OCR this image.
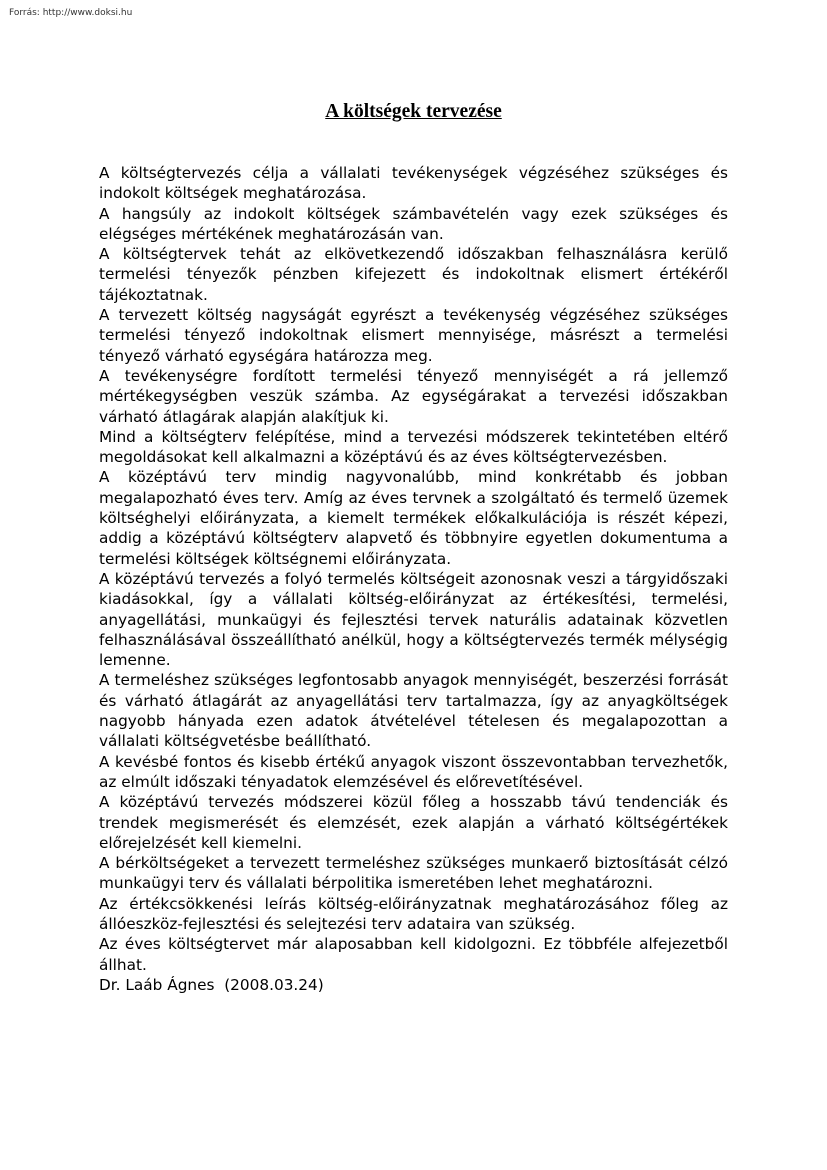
Forrás: http://www.doksi.hu
A költségek tervezése

A költségtervezés célja a vállalati tevékenységek végzéséhez szükséges és indokolt költségek meghatározása.

A hangsúly az indokolt költségek számbavételén vagy ezek szükséges és elégséges mértékének meghatározásán van.

A költségtervek tehát az elkövetkezendő időszakban felhasználásra kerülő termelési tényezők pénzben kifejezett és indokoltnak elismert értékéről tájékoztatnak.

A tervezett költség nagyságát egyrészt a tevékenység végzéséhez szükséges termelési tényező indokoltnak elismert mennyisége, másrészt a termelési tényező várható egységára határozza meg.

A tevékenységre fordított termelési tényező mennyiségét a rá jellemző mértékegységben veszük számba. Az egységárakat a tervezési időszakban várható átlagárak alapján alakítjuk ki.

Mind a költségterv felépítése, mind a tervezési módszerek tekintetében eltérő megoldásokat kell alkalmazni a középtávú és az éves költségtervezésben.

A középtávú terv mindig nagyvonalúbb, mind konkrétabb és jobban megalapozható éves terv. Amíg az éves tervnek a szolgáltató és termelő üzemek költséghelyi előirányzata, a kiemelt termékek előkalkulációja is részét képezi, addig a középtávú költségterv alapvető és többnyire egyetlen dokumentuma a termelési költségek költségnemi előirányzata.

A középtávú tervezés a folyó termelés költségeit azonosnak veszi a tárgyidőszaki kiadásokkal, így a vállalati költség-előirányzat az értékesítési, termelési, anyagellátási, munkaügyi és fejlesztési tervek naturális adatainak közvetlen felhasználásával összeállítható anélkül, hogy a költségtervezés termék mélységig lemenne.

A termeléshez szükséges legfontosabb anyagok mennyiségét, beszerzési forrását és várható átlagárát az anyagellátási terv tartalmazza, így az anyagköltségek nagyobb hányada ezen adatok átvételével tételesen és megalapozottan a vállalati költségvetésbe beállítható.

A kevésbé fontos és kisebb értékű anyagok viszont összevontabban tervezhetők, az elmúlt időszaki tényadatok elemzésével és előrevetítésével.

A középtávú tervezés módszerei közül főleg a hosszabb távú tendenciák és trendek megismerését és elemzését, ezek alapján a várható költségértékek előrejelzését kell kiemelni.

A bérköltségeket a tervezett termeléshez szükséges munkaerő biztosítását célzó munkaügyi terv és vállalati bérpolitika ismeretében lehet meghatározni.

Az értékcsökkenési leírás költség-előirányzatnak meghatározásához főleg az állóeszköz-fejlesztési és selejtezési terv adataira van szükség.

Az éves költségtervet már alaposabban kell kidolgozni. Ez többféle alfejezetből állhat.

Dr. Laáb Ágnes  (2008.03.24)
